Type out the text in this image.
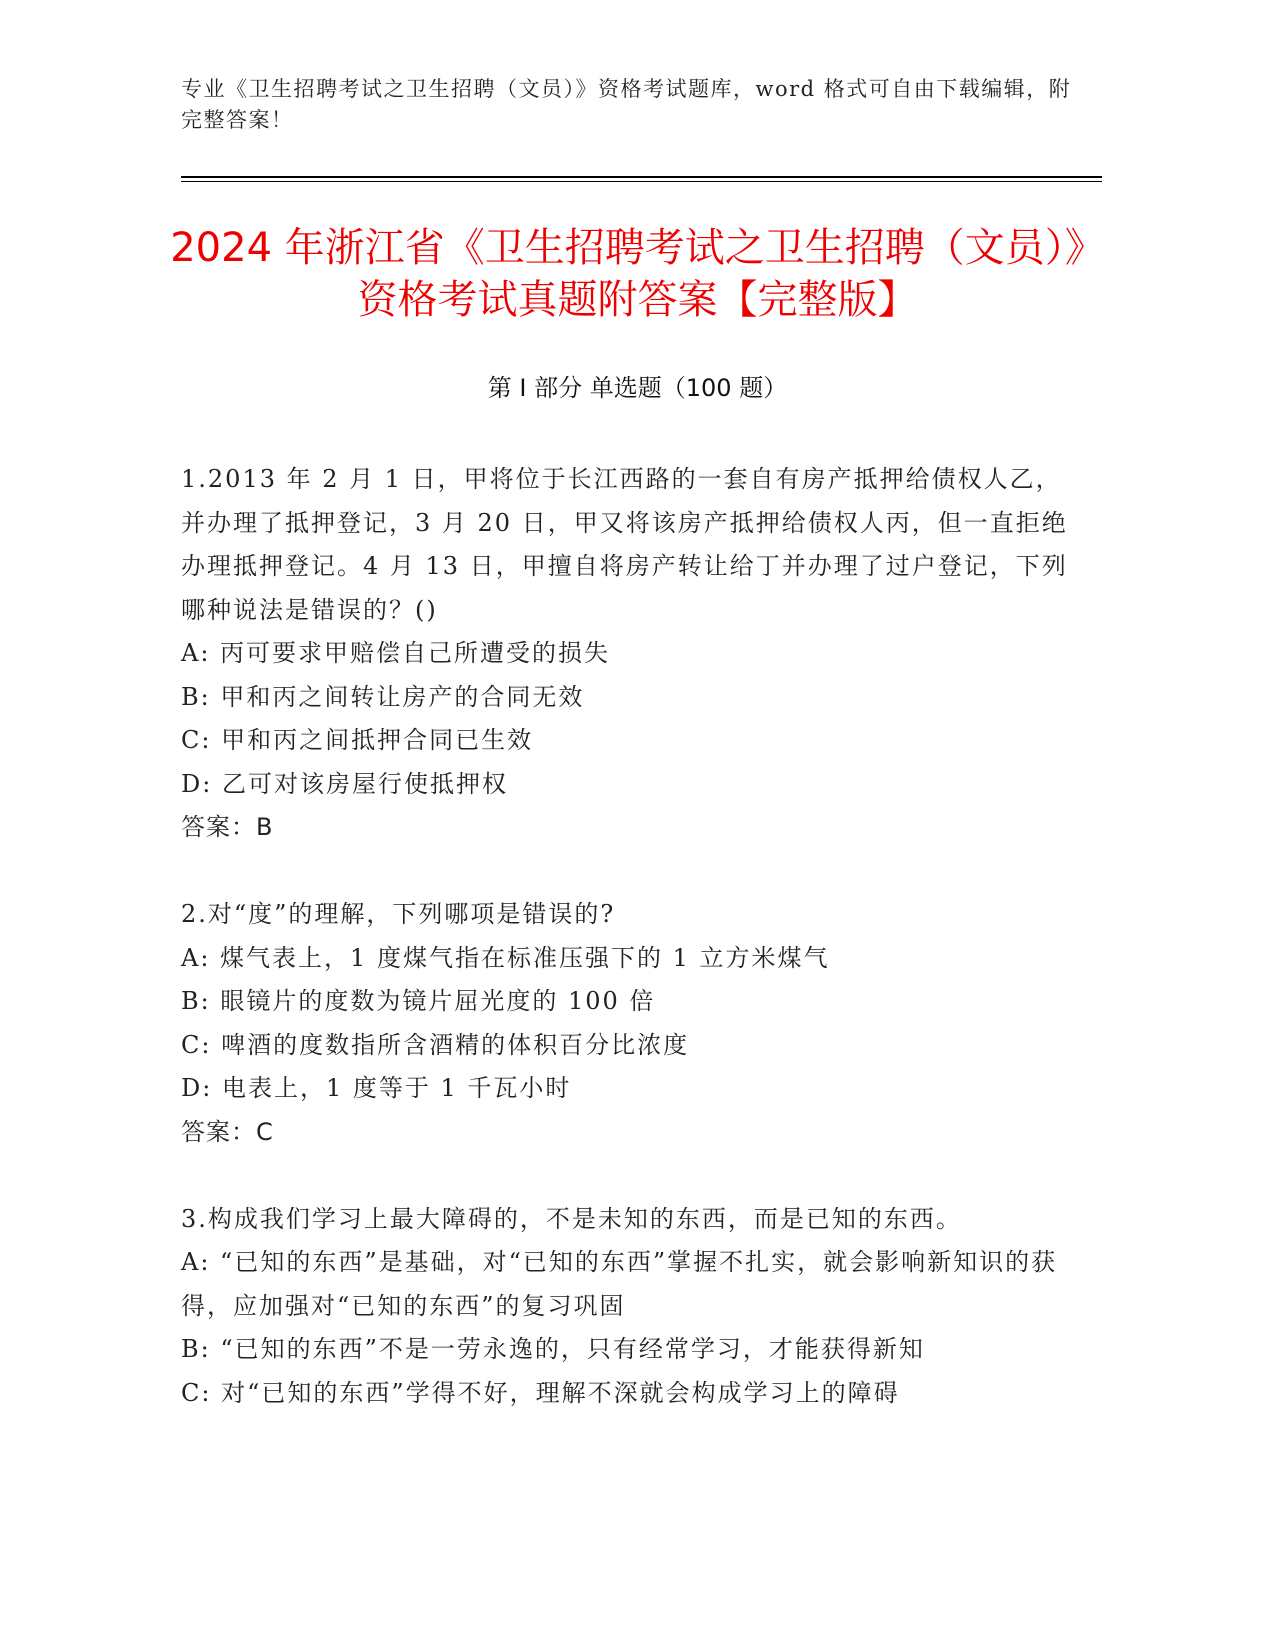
专业《卫生招聘考试之卫生招聘（文员）》资格考试题库，word 格式可自由下载编辑，附完整答案！
2024 年浙江省《卫生招聘考试之卫生招聘（文员）》资格考试真题附答案【完整版】
第 I 部分 单选题（100 题）

1.2013 年 2 月 1 日，甲将位于长江西路的一套自有房产抵押给债权人乙，并办理了抵押登记，3 月 20 日，甲又将该房产抵押给债权人丙，但一直拒绝办理抵押登记。4 月 13 日，甲擅自将房产转让给丁并办理了过户登记，下列哪种说法是错误的？()

A: 丙可要求甲赔偿自己所遭受的损失

B: 甲和丙之间转让房产的合同无效

C: 甲和丙之间抵押合同已生效

D: 乙可对该房屋行使抵押权

答案：B

2.对“度”的理解，下列哪项是错误的?

A: 煤气表上，1 度煤气指在标准压强下的 1 立方米煤气

B: 眼镜片的度数为镜片屈光度的 100 倍

C: 啤酒的度数指所含酒精的体积百分比浓度

D: 电表上，1 度等于 1 千瓦小时

答案：C

3.构成我们学习上最大障碍的，不是未知的东西，而是已知的东西。

A: “已知的东西”是基础，对“已知的东西”掌握不扎实，就会影响新知识的获得，应加强对“已知的东西”的复习巩固

B: “已知的东西”不是一劳永逸的，只有经常学习，才能获得新知

C: 对“已知的东西”学得不好，理解不深就会构成学习上的障碍
